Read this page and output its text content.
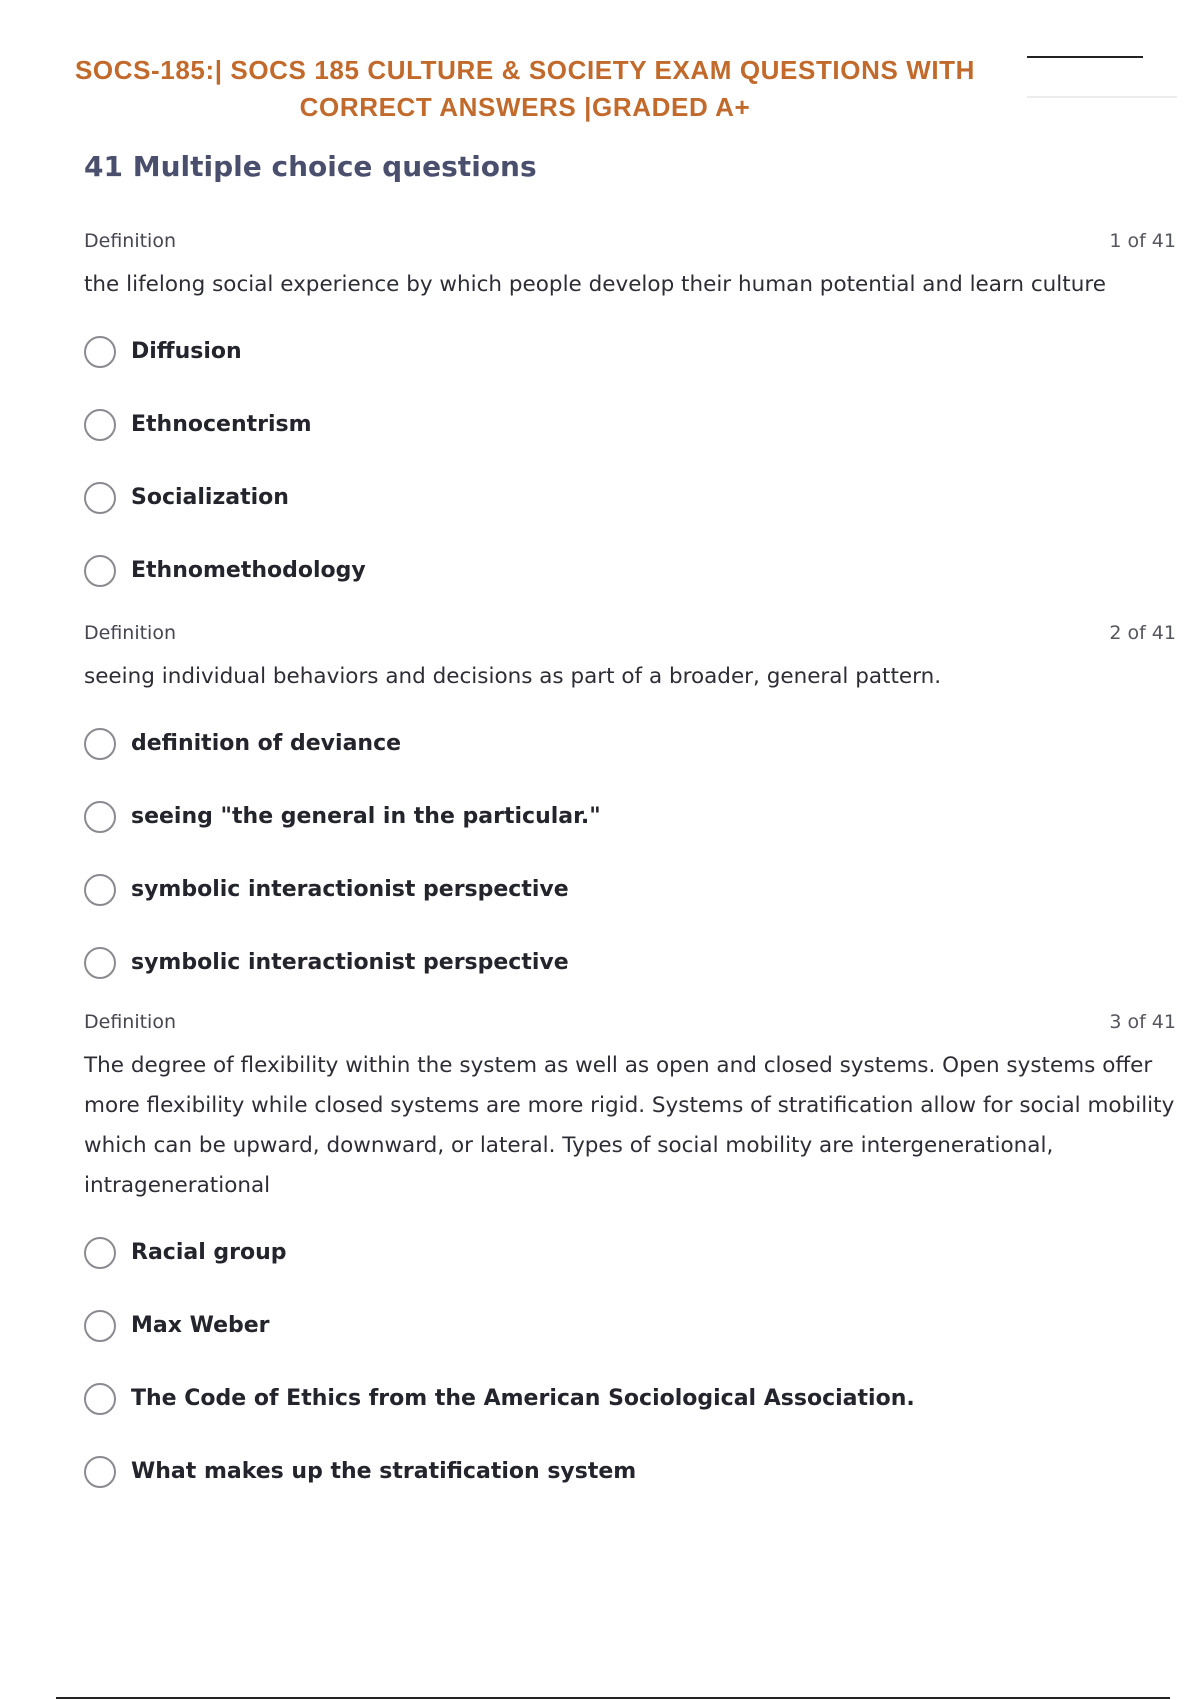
SOCS-185:| SOCS 185 CULTURE & SOCIETY EXAM QUESTIONS WITH
CORRECT ANSWERS |GRADED A+
41 Multiple choice questions
Definition	1 of 41
the lifelong social experience by which people develop their human potential and learn culture
Diffusion
Ethnocentrism
Socialization
Ethnomethodology
Definition	2 of 41
seeing individual behaviors and decisions as part of a broader, general pattern.
definition of deviance
seeing "the general in the particular."
symbolic interactionist perspective
symbolic interactionist perspective
Definition	3 of 41
The degree of flexibility within the system as well as open and closed systems. Open systems offer more flexibility while closed systems are more rigid. Systems of stratification allow for social mobility which can be upward, downward, or lateral. Types of social mobility are intergenerational, intragenerational
Racial group
Max Weber
The Code of Ethics from the American Sociological Association.
What makes up the stratification system
